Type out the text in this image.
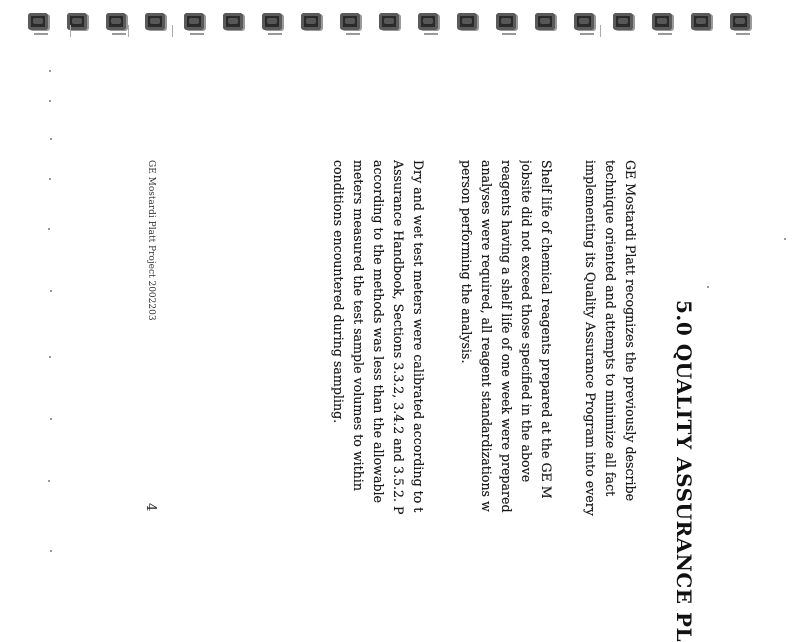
5.0 QUALITY ASSURANCE PL
GE Mostardi Platt recognizes the previously describe
technique oriented and attempts to minimize all fact
implementing its Quality Assurance Program into every
Shelf life of chemical reagents prepared at the GE M
jobsite did not exceed those specified in the above
reagents having a shelf life of one week were prepared
analyses were required, all reagent standardizations w
person performing the analysis.
Dry and wet test meters were calibrated according to t
Assurance Handbook, Sections 3.3.2, 3.4.2 and 3.5.2. P
according to the methods was less than the allowable
meters measured the test sample volumes to within
conditions encountered during sampling.

GE Mostardi Platt Project 2002203

4
